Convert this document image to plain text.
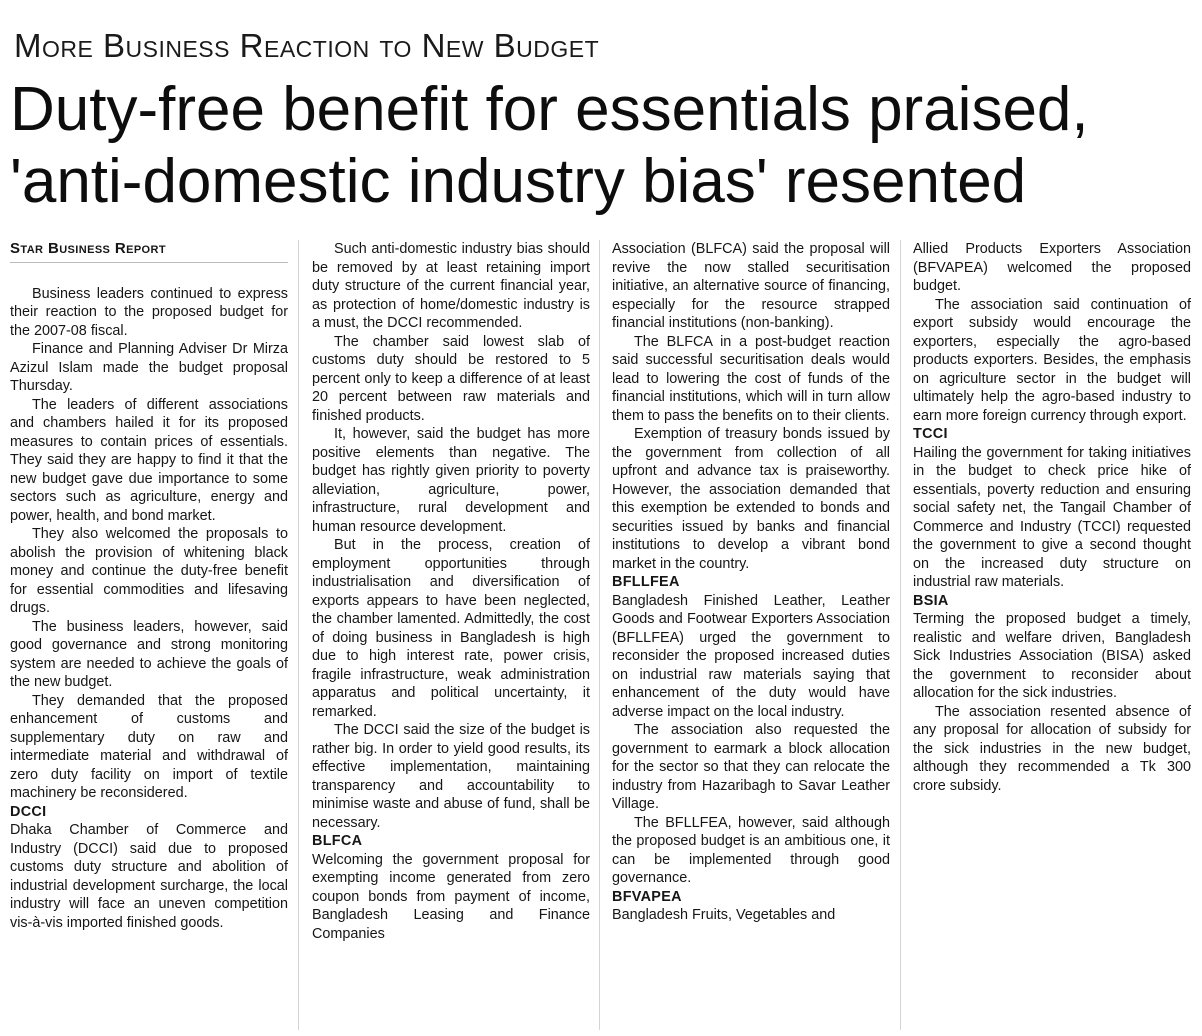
More Business Reaction to New Budget
Duty-free benefit for essentials praised,
'anti-domestic industry bias' resented
Star Business Report

Business leaders continued to express their reaction to the proposed budget for the 2007-08 fiscal.

Finance and Planning Adviser Dr Mirza Azizul Islam made the budget proposal Thursday.

The leaders of different associations and chambers hailed it for its proposed measures to contain prices of essentials. They said they are happy to find it that the new budget gave due importance to some sectors such as agriculture, energy and power, health, and bond market.

They also welcomed the proposals to abolish the provision of whitening black money and continue the duty-free benefit for essential commodities and lifesaving drugs.

The business leaders, however, said good governance and strong monitoring system are needed to achieve the goals of the new budget.

They demanded that the proposed enhancement of customs and supplementary duty on raw and intermediate material and withdrawal of zero duty facility on import of textile machinery be reconsidered.

DCCI

Dhaka Chamber of Commerce and Industry (DCCI) said due to proposed customs duty structure and abolition of industrial development surcharge, the local industry will face an uneven competition vis-à-vis imported finished goods.

Such anti-domestic industry bias should be removed by at least retaining import duty structure of the current financial year, as protection of home/domestic industry is a must, the DCCI recommended.

The chamber said lowest slab of customs duty should be restored to 5 percent only to keep a difference of at least 20 percent between raw materials and finished products.

It, however, said the budget has more positive elements than negative. The budget has rightly given priority to poverty alleviation, agriculture, power, infrastructure, rural development and human resource development.

But in the process, creation of employment opportunities through industrialisation and diversification of exports appears to have been neglected, the chamber lamented. Admittedly, the cost of doing business in Bangladesh is high due to high interest rate, power crisis, fragile infrastructure, weak administration apparatus and political uncertainty, it remarked.

The DCCI said the size of the budget is rather big. In order to yield good results, its effective implementation, maintaining transparency and accountability to minimise waste and abuse of fund, shall be necessary.

BLFCA

Welcoming the government proposal for exempting income generated from zero coupon bonds from payment of income, Bangladesh Leasing and Finance Companies

Association (BLFCA) said the proposal will revive the now stalled securitisation initiative, an alternative source of financing, especially for the resource strapped financial institutions (non-banking).

The BLFCA in a post-budget reaction said successful securitisation deals would lead to lowering the cost of funds of the financial institutions, which will in turn allow them to pass the benefits on to their clients.

Exemption of treasury bonds issued by the government from collection of all upfront and advance tax is praiseworthy. However, the association demanded that this exemption be extended to bonds and securities issued by banks and financial institutions to develop a vibrant bond market in the country.

BFLLFEA

Bangladesh Finished Leather, Leather Goods and Footwear Exporters Association (BFLLFEA) urged the government to reconsider the proposed increased duties on industrial raw materials saying that enhancement of the duty would have adverse impact on the local industry.

The association also requested the government to earmark a block allocation for the sector so that they can relocate the industry from Hazaribagh to Savar Leather Village.

The BFLLFEA, however, said although the proposed budget is an ambitious one, it can be implemented through good governance.

BFVAPEA

Bangladesh Fruits, Vegetables and

Allied Products Exporters Association (BFVAPEA) welcomed the proposed budget.

The association said continuation of export subsidy would encourage the exporters, especially the agro-based products exporters. Besides, the emphasis on agriculture sector in the budget will ultimately help the agro-based industry to earn more foreign currency through export.

TCCI

Hailing the government for taking initiatives in the budget to check price hike of essentials, poverty reduction and ensuring social safety net, the Tangail Chamber of Commerce and Industry (TCCI) requested the government to give a second thought on the increased duty structure on industrial raw materials.

BSIA

Terming the proposed budget a timely, realistic and welfare driven, Bangladesh Sick Industries Association (BISA) asked the government to reconsider about allocation for the sick industries.

The association resented absence of any proposal for allocation of subsidy for the sick industries in the new budget, although they recommended a Tk 300 crore subsidy.
